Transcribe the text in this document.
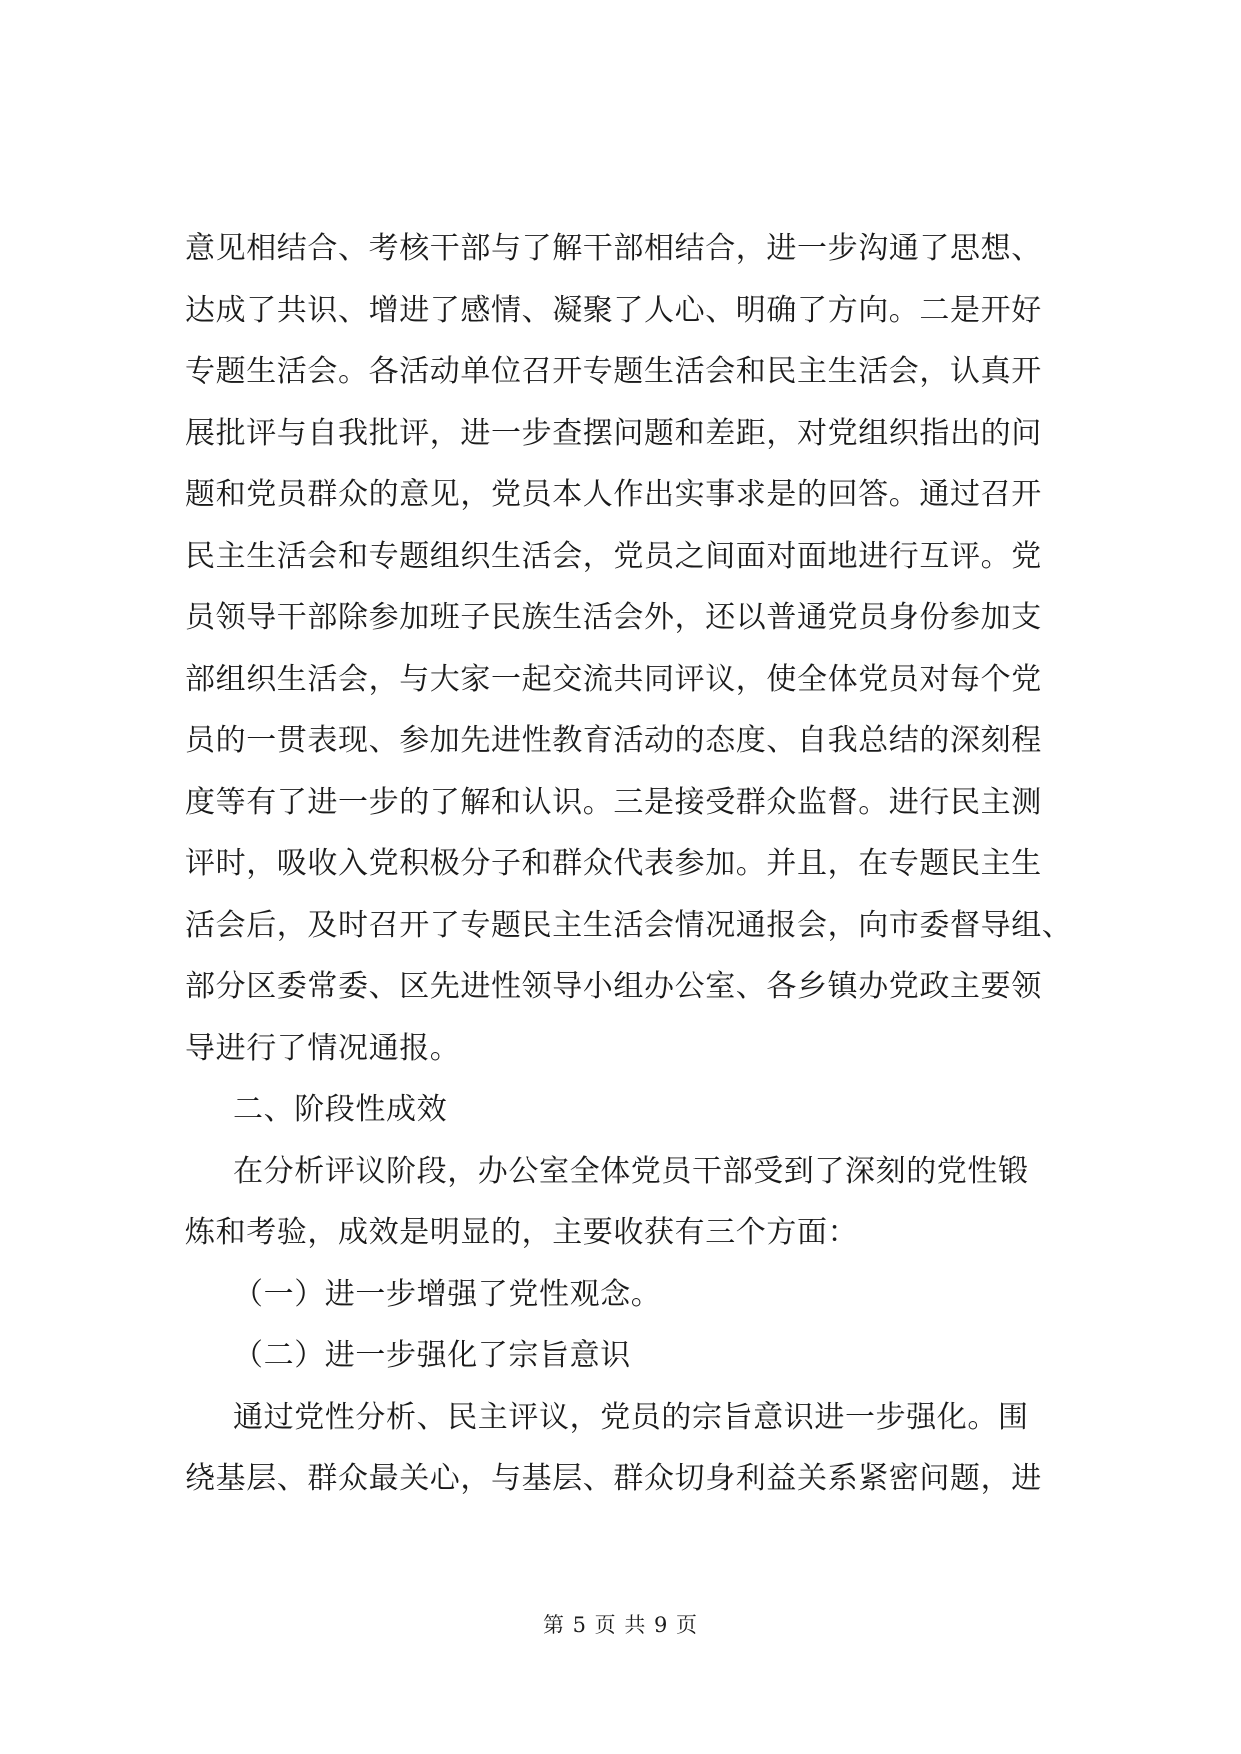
意见相结合、考核干部与了解干部相结合，进一步沟通了思想、
达成了共识、增进了感情、凝聚了人心、明确了方向。二是开好
专题生活会。各活动单位召开专题生活会和民主生活会，认真开
展批评与自我批评，进一步查摆问题和差距，对党组织指出的问
题和党员群众的意见，党员本人作出实事求是的回答。通过召开
民主生活会和专题组织生活会，党员之间面对面地进行互评。党
员领导干部除参加班子民族生活会外，还以普通党员身份参加支
部组织生活会，与大家一起交流共同评议，使全体党员对每个党
员的一贯表现、参加先进性教育活动的态度、自我总结的深刻程
度等有了进一步的了解和认识。三是接受群众监督。进行民主测
评时，吸收入党积极分子和群众代表参加。并且，在专题民主生
活会后，及时召开了专题民主生活会情况通报会，向市委督导组、
部分区委常委、区先进性领导小组办公室、各乡镇办党政主要领
导进行了情况通报。
二、阶段性成效
在分析评议阶段，办公室全体党员干部受到了深刻的党性锻
炼和考验，成效是明显的，主要收获有三个方面：
（一）进一步增强了党性观念。
（二）进一步强化了宗旨意识
通过党性分析、民主评议，党员的宗旨意识进一步强化。围
绕基层、群众最关心，与基层、群众切身利益关系紧密问题，进
第 5 页 共 9 页
